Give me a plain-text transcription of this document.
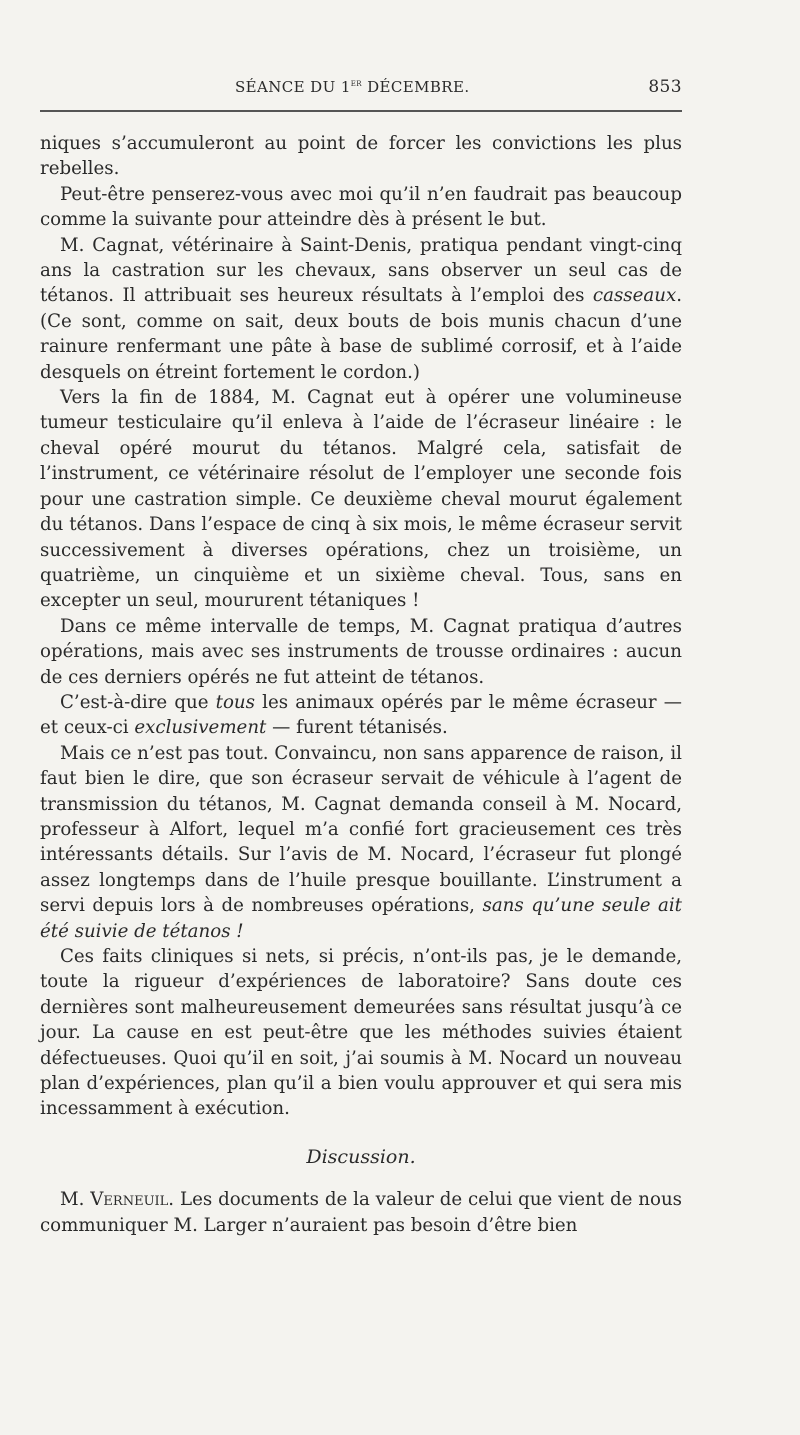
SÉANCE DU 1er DÉCEMBRE.	853

niques s’accumuleront au point de forcer les convictions les plus rebelles.

Peut-être penserez-vous avec moi qu’il n’en faudrait pas beaucoup comme la suivante pour atteindre dès à présent le but.

M. Cagnat, vétérinaire à Saint-Denis, pratiqua pendant vingt-cinq ans la castration sur les chevaux, sans observer un seul cas de tétanos. Il attribuait ses heureux résultats à l’emploi des casseaux. (Ce sont, comme on sait, deux bouts de bois munis chacun d’une rainure renfermant une pâte à base de sublimé corrosif, et à l’aide desquels on étreint fortement le cordon.)

Vers la fin de 1884, M. Cagnat eut à opérer une volumineuse tumeur testiculaire qu’il enleva à l’aide de l’écraseur linéaire : le cheval opéré mourut du tétanos. Malgré cela, satisfait de l’instrument, ce vétérinaire résolut de l’employer une seconde fois pour une castration simple. Ce deuxième cheval mourut également du tétanos. Dans l’espace de cinq à six mois, le même écraseur servit successivement à diverses opérations, chez un troisième, un quatrième, un cinquième et un sixième cheval. Tous, sans en excepter un seul, moururent tétaniques !

Dans ce même intervalle de temps, M. Cagnat pratiqua d’autres opérations, mais avec ses instruments de trousse ordinaires : aucun de ces derniers opérés ne fut atteint de tétanos.

C’est-à-dire que tous les animaux opérés par le même écraseur — et ceux-ci exclusivement — furent tétanisés.

Mais ce n’est pas tout. Convaincu, non sans apparence de raison, il faut bien le dire, que son écraseur servait de véhicule à l’agent de transmission du tétanos, M. Cagnat demanda conseil à M. Nocard, professeur à Alfort, lequel m’a confié fort gracieusement ces très intéressants détails. Sur l’avis de M. Nocard, l’écraseur fut plongé assez longtemps dans de l’huile presque bouillante. L’instrument a servi depuis lors à de nombreuses opérations, sans qu’une seule ait été suivie de tétanos !

Ces faits cliniques si nets, si précis, n’ont-ils pas, je le demande, toute la rigueur d’expériences de laboratoire? Sans doute ces dernières sont malheureusement demeurées sans résultat jusqu’à ce jour. La cause en est peut-être que les méthodes suivies étaient défectueuses. Quoi qu’il en soit, j’ai soumis à M. Nocard un nouveau plan d’expériences, plan qu’il a bien voulu approuver et qui sera mis incessamment à exécution.

Discussion.

M. Verneuil. Les documents de la valeur de celui que vient de nous communiquer M. Larger n’auraient pas besoin d’être bien
